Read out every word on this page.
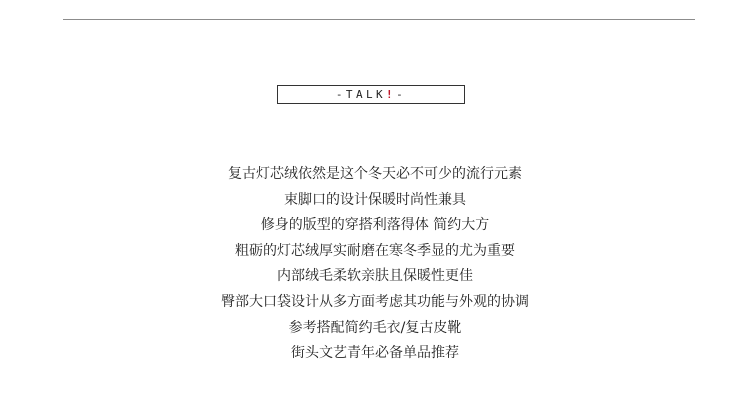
-TALK!-
复古灯芯绒依然是这个冬天必不可少的流行元素
束脚口的设计保暖时尚性兼具
修身的版型的穿搭利落得体 简约大方
粗砺的灯芯绒厚实耐磨在寒冬季显的尤为重要
内部绒毛柔软亲肤且保暖性更佳
臀部大口袋设计从多方面考虑其功能与外观的协调
参考搭配简约毛衣/复古皮靴
街头文艺青年必备单品推荐
